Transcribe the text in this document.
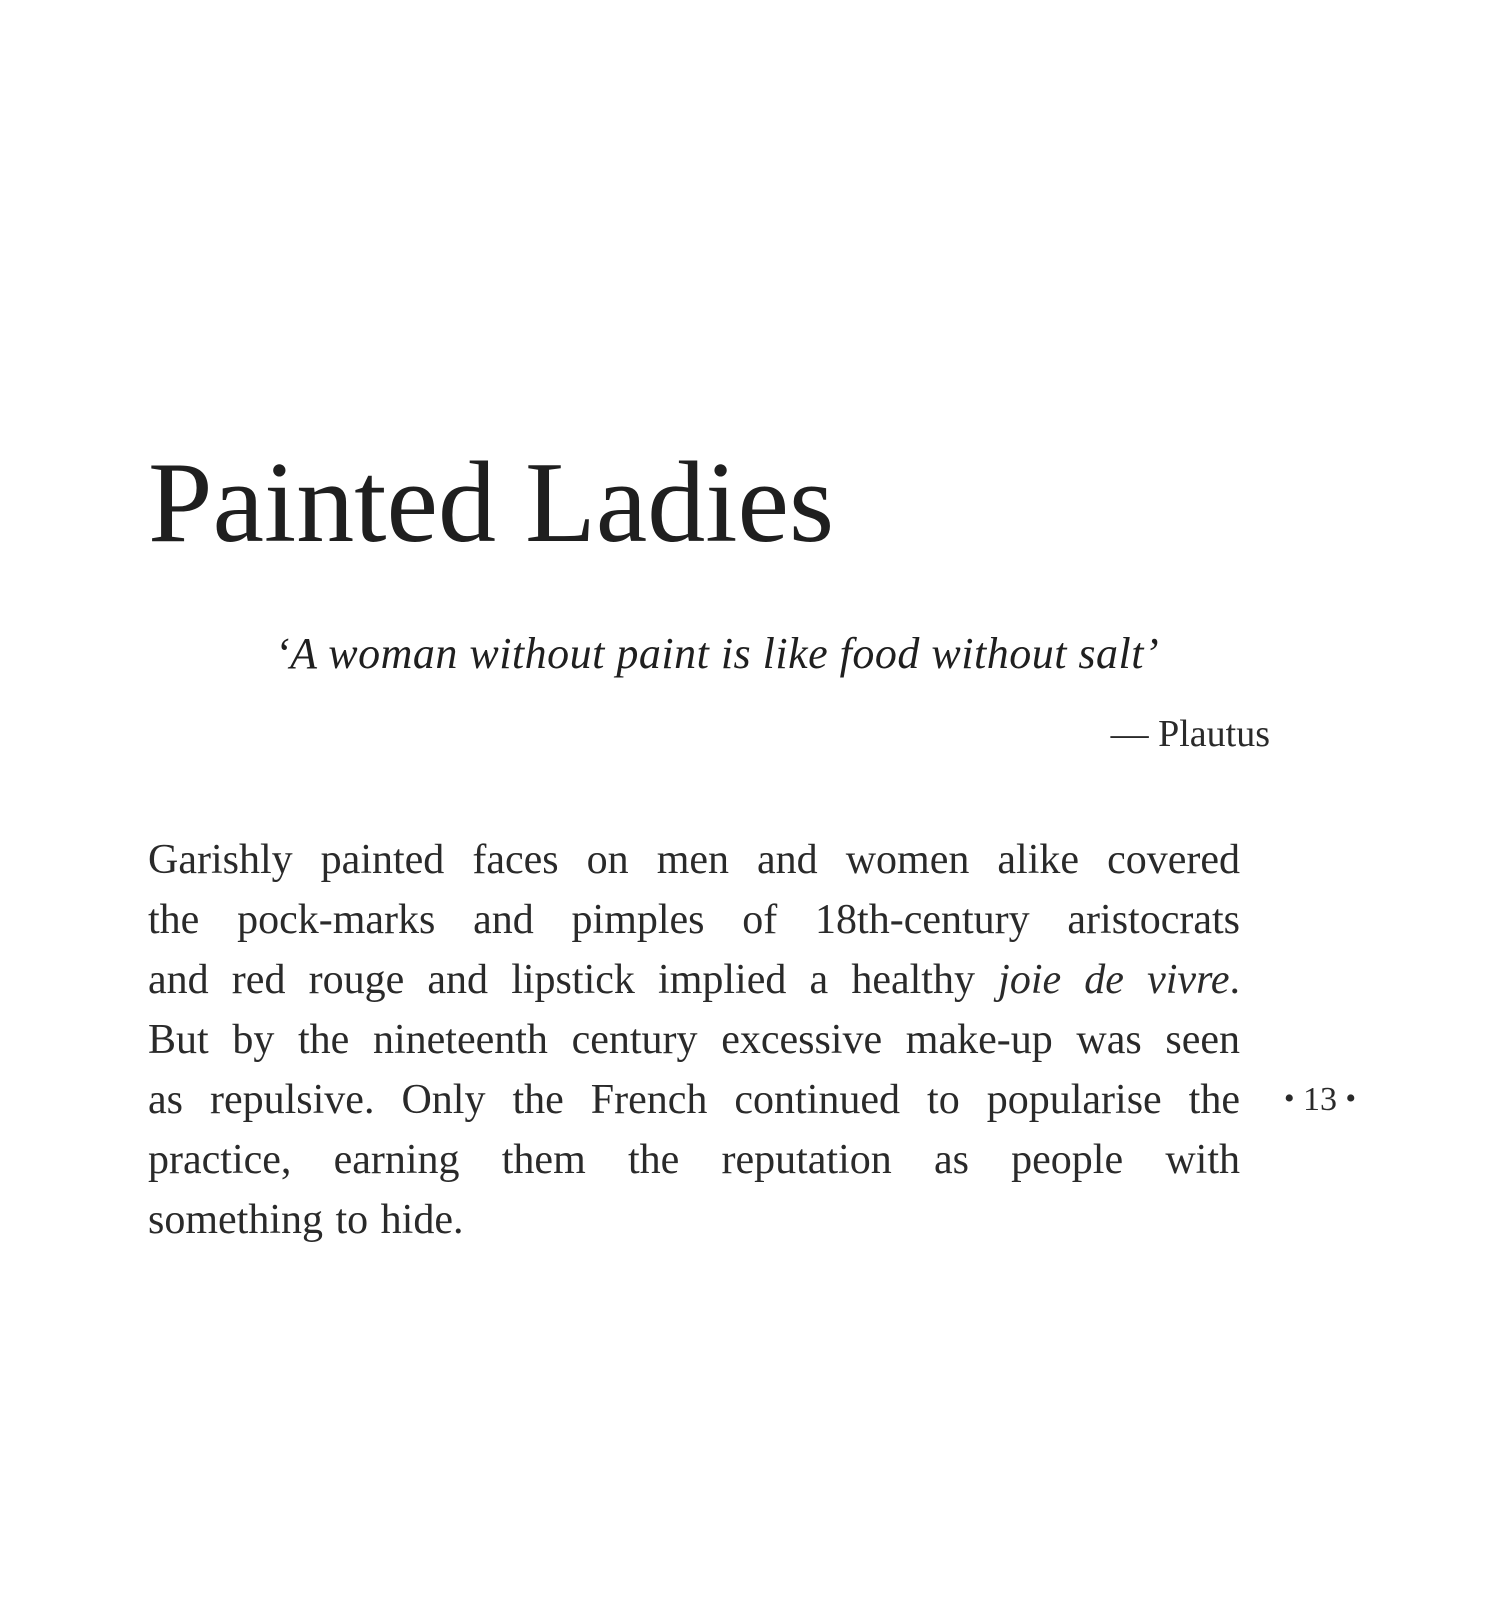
Painted Ladies

‘A woman without paint is like food without salt’

— Plautus

Garishly painted faces on men and women alike covered
the pock-marks and pimples of 18th-century aristocrats
and red rouge and lipstick implied a healthy joie de vivre.
But by the nineteenth century excessive make-up was seen
as repulsive. Only the French continued to popularise the
practice, earning them the reputation as people with
something to hide.

• 13 •
